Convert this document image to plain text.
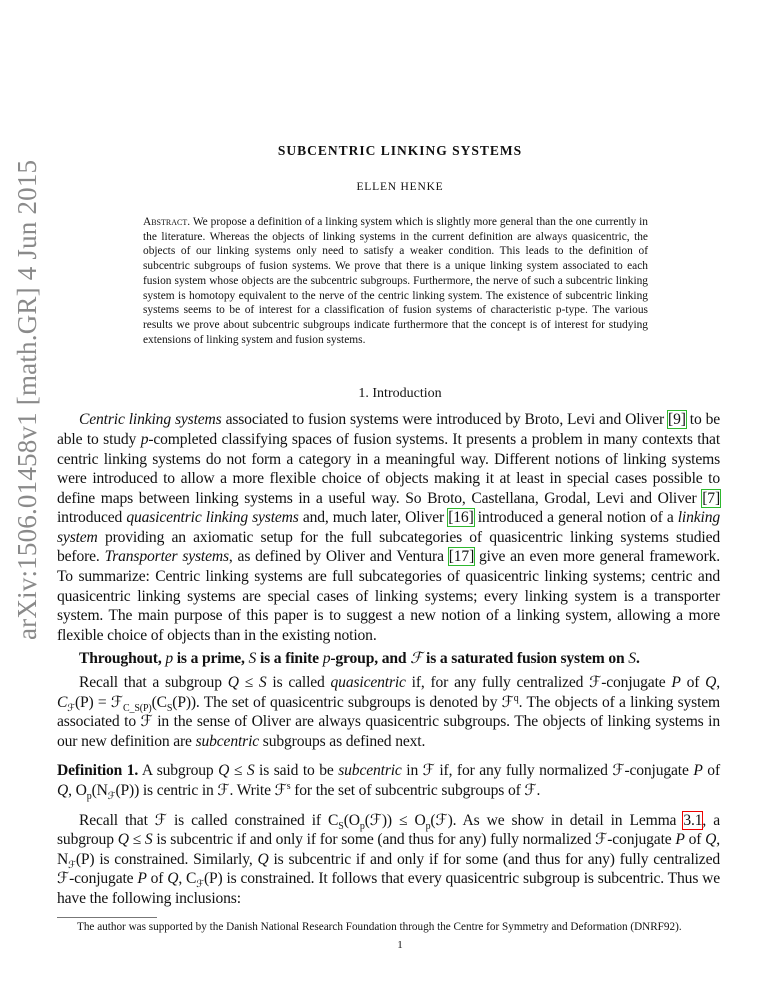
arXiv:1506.01458v1 [math.GR] 4 Jun 2015
SUBCENTRIC LINKING SYSTEMS
ELLEN HENKE
Abstract. We propose a definition of a linking system which is slightly more general than the one currently in the literature. Whereas the objects of linking systems in the current definition are always quasicentric, the objects of our linking systems only need to satisfy a weaker condition. This leads to the definition of subcentric subgroups of fusion systems. We prove that there is a unique linking system associated to each fusion system whose objects are the subcentric subgroups. Furthermore, the nerve of such a subcentric linking system is homotopy equivalent to the nerve of the centric linking system. The existence of subcentric linking systems seems to be of interest for a classification of fusion systems of characteristic p-type. The various results we prove about subcentric subgroups indicate furthermore that the concept is of interest for studying extensions of linking system and fusion systems.
1. Introduction
Centric linking systems associated to fusion systems were introduced by Broto, Levi and Oliver [9] to be able to study p-completed classifying spaces of fusion systems. It presents a problem in many contexts that centric linking systems do not form a category in a meaningful way. Different notions of linking systems were introduced to allow a more flexible choice of objects making it at least in special cases possible to define maps between linking systems in a useful way. So Broto, Castellana, Grodal, Levi and Oliver [7] introduced quasicentric linking systems and, much later, Oliver [16] introduced a general notion of a linking system providing an axiomatic setup for the full subcategories of quasicentric linking systems studied before. Transporter systems, as defined by Oliver and Ventura [17] give an even more general framework. To summarize: Centric linking systems are full subcategories of quasicentric linking systems; centric and quasicentric linking systems are special cases of linking systems; every linking system is a transporter system. The main purpose of this paper is to suggest a new notion of a linking system, allowing a more flexible choice of objects than in the existing notion.
Throughout, p is a prime, S is a finite p-group, and ℱ is a saturated fusion system on S.
Recall that a subgroup Q ≤ S is called quasicentric if, for any fully centralized ℱ-conjugate P of Q, $C_ℱ(P)$ = $ℱ_{C\_S(P)}(C_S(P))$. The set of quasicentric subgroups is denoted by ℱ$^q$. The objects of a linking system associated to ℱ in the sense of Oliver are always quasicentric subgroups. The objects of linking systems in our new definition are subcentric subgroups as defined next.
Definition 1. A subgroup Q ≤ S is said to be subcentric in ℱ if, for any fully normalized ℱ-conjugate P of Q, $O_p(N_ℱ(P))$ is centric in ℱ. Write ℱ$^s$ for the set of subcentric subgroups of ℱ.
Recall that ℱ is called constrained if $C_S(O_p(ℱ))$ ≤ $O_p(ℱ)$. As we show in detail in Lemma 3.1, a subgroup Q ≤ S is subcentric if and only if for some (and thus for any) fully normalized ℱ-conjugate P of Q, $N_ℱ(P)$ is constrained. Similarly, Q is subcentric if and only if for some (and thus for any) fully centralized ℱ-conjugate P of Q, $C_ℱ(P)$ is constrained. It follows that every quasicentric subgroup is subcentric. Thus we have the following inclusions:
The author was supported by the Danish National Research Foundation through the Centre for Symmetry and Deformation (DNRF92).
1
